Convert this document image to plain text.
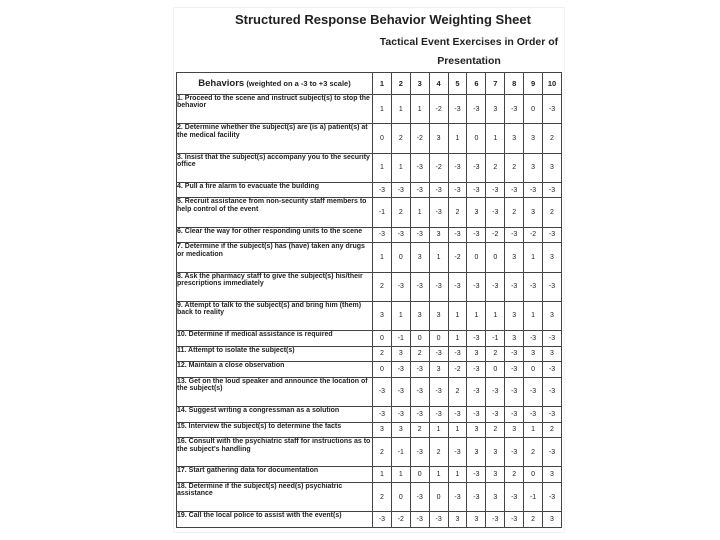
Structured Response Behavior Weighting Sheet
Tactical Event Exercises in Order of Presentation
Behaviors (weighted on a -3 to +3 scale)	1	2	3	4	5	6	7	8	9	10
1. Proceed to the scene and instruct subject(s) to stop the behavior	1	1	1	-2	-3	-3	3	-3	0	-3
2. Determine whether the subject(s) are (is a) patient(s) at the medical facility	0	2	-2	3	1	0	1	3	3	2
3. Insist that the subject(s) accompany you to the security office	1	1	-3	-2	-3	-3	2	2	3	3
4. Pull a fire alarm to evacuate the building	-3	-3	-3	-3	-3	-3	-3	-3	-3	-3
5. Recruit assistance from non-security staff members to help control of the event	-1	2	1	-3	2	3	-3	2	3	2
6. Clear the way for other responding units to the scene	-3	-3	-3	3	-3	-3	-2	-3	-2	-3
7. Determine if the subject(s) has (have) taken any drugs or medication	1	0	3	1	-2	0	0	3	1	3
8. Ask the pharmacy staff to give the subject(s) his/their prescriptions immediately	2	-3	-3	-3	-3	-3	-3	-3	-3	-3
9. Attempt to talk to the subject(s) and bring him (them) back to reality	3	1	3	3	1	1	1	3	1	3
10. Determine if medical assistance is required	0	-1	0	0	1	-3	-1	3	-3	-3
11. Attempt to isolate the subject(s)	2	3	2	-3	-3	3	2	-3	3	3
12. Maintain a close observation	0	-3	-3	3	-2	-3	0	-3	0	-3
13. Get on the loud speaker and announce the location of the subject(s)	-3	-3	-3	-3	2	-3	-3	-3	-3	-3
14. Suggest writing a congressman as a solution	-3	-3	-3	-3	-3	-3	-3	-3	-3	-3
15. Interview the subject(s) to determine the facts	3	3	2	1	1	3	2	3	1	2
16. Consult with the psychiatric staff for instructions as to the subject's handling	2	-1	-3	2	-3	3	3	-3	2	-3
17. Start gathering data for documentation	1	1	0	1	1	-3	3	2	0	3
18. Determine if the subject(s) need(s) psychiatric assistance	2	0	-3	0	-3	-3	3	-3	-1	-3
19. Call the local police to assist with the event(s)	-3	-2	-3	-3	3	3	-3	-3	2	3
